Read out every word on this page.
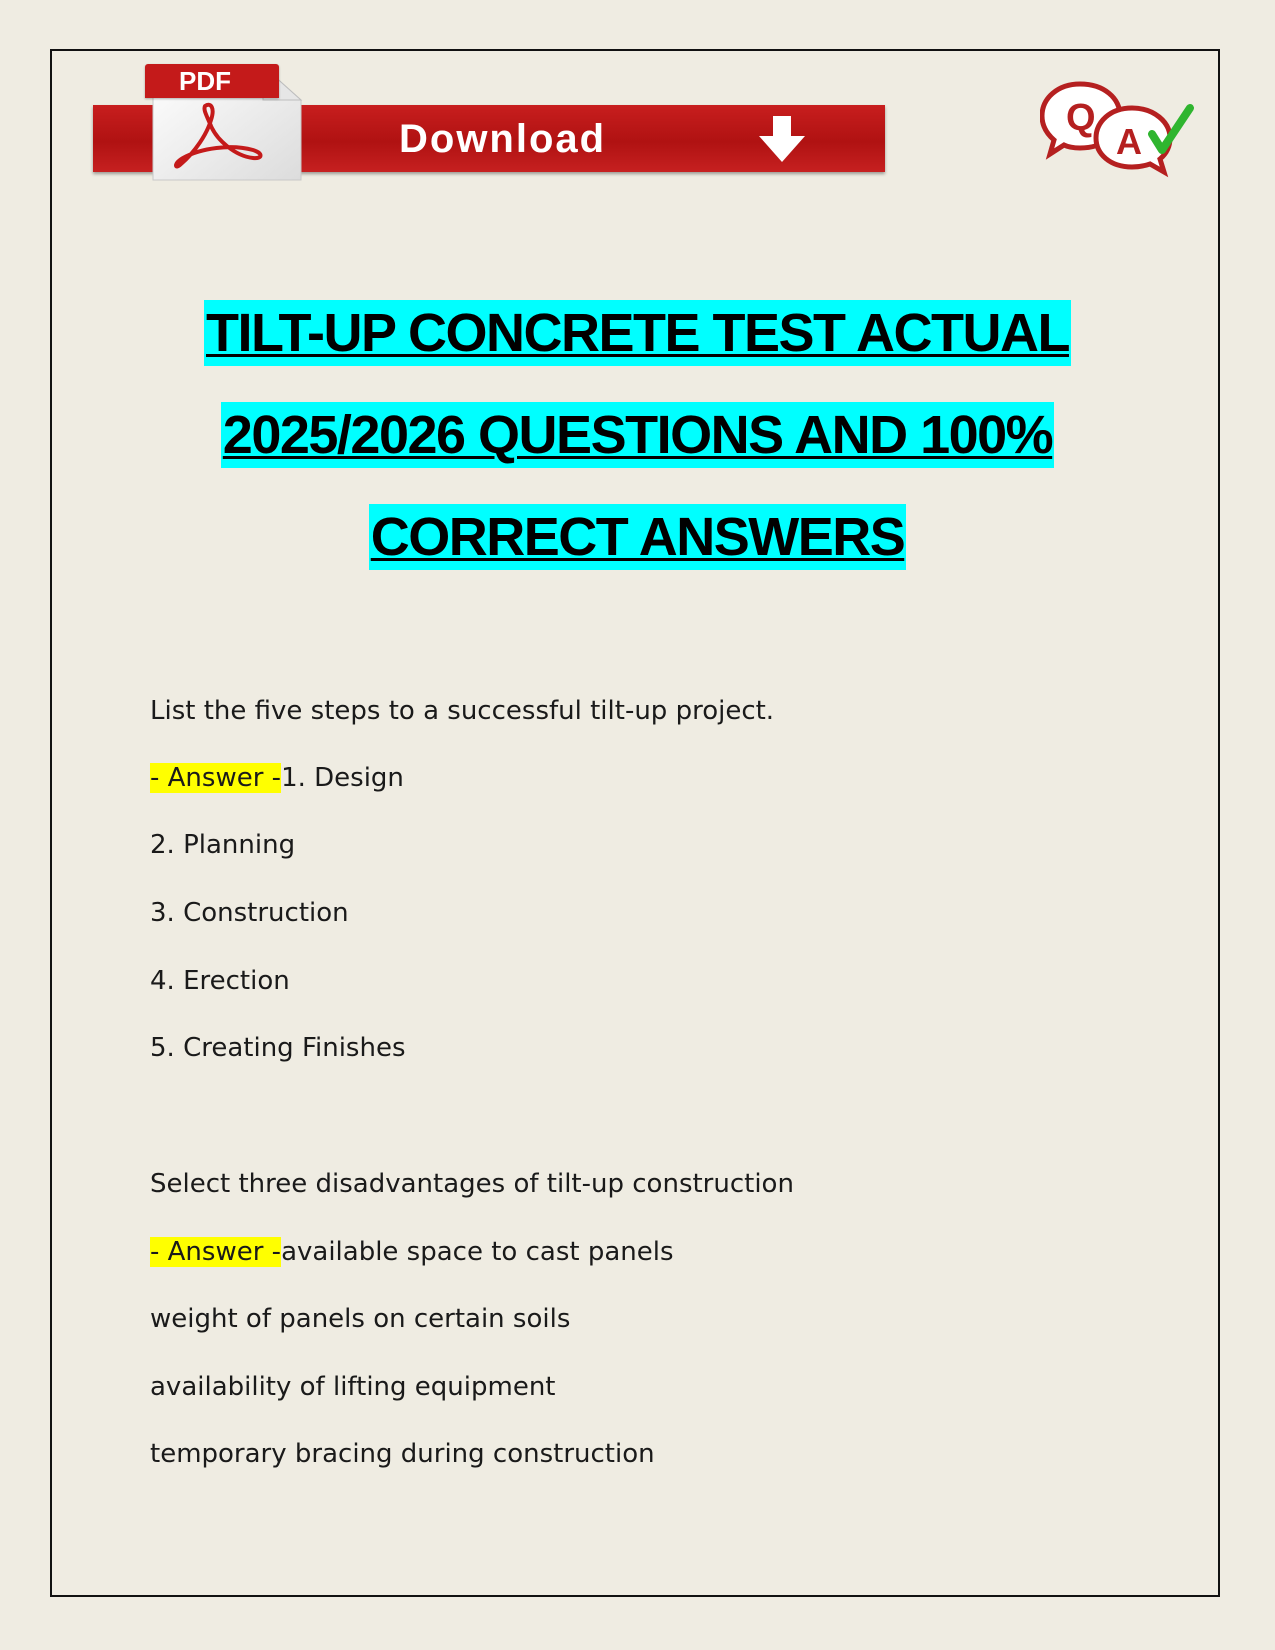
Download
PDF
Q
A
TILT-UP CONCRETE TEST ACTUAL
2025/2026 QUESTIONS AND 100%
CORRECT ANSWERS
List the five steps to a successful tilt-up project.
- Answer -1. Design
2. Planning
3. Construction
4. Erection
5. Creating Finishes
Select three disadvantages of tilt-up construction
- Answer -available space to cast panels
weight of panels on certain soils
availability of lifting equipment
temporary bracing during construction
